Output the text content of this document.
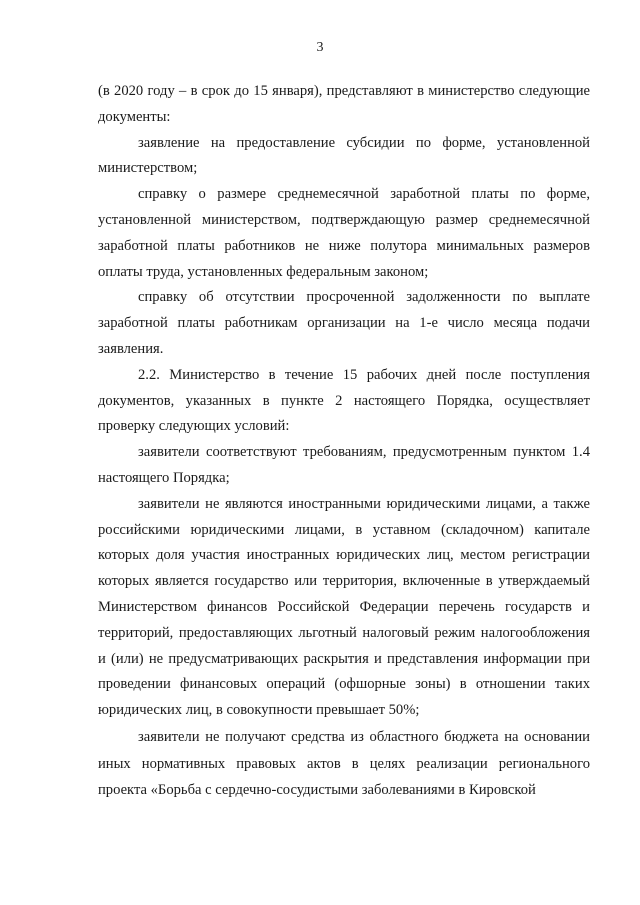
3

(в 2020 году – в срок до 15 января), представляют в министерство следующие документы:

заявление на предоставление субсидии по форме, установленной министерством;

справку о размере среднемесячной заработной платы по форме, установленной министерством, подтверждающую размер среднемесячной заработной платы работников не ниже полутора минимальных размеров оплаты труда, установленных федеральным законом;

справку об отсутствии просроченной задолженности по выплате заработной платы работникам организации на 1-е число месяца подачи заявления.

2.2. Министерство в течение 15 рабочих дней после поступления документов, указанных в пункте 2 настоящего Порядка, осуществляет проверку следующих условий:

заявители соответствуют требованиям, предусмотренным пунктом 1.4 настоящего Порядка;

заявители не являются иностранными юридическими лицами, а также российскими юридическими лицами, в уставном (складочном) капитале которых доля участия иностранных юридических лиц, местом регистрации которых является государство или территория, включенные в утверждаемый Министерством финансов Российской Федерации перечень государств и территорий, предоставляющих льготный налоговый режим налогообложения и (или) не предусматривающих раскрытия и представления информации при проведении финансовых операций (офшорные зоны) в отношении таких юридических лиц, в совокупности превышает 50%;

заявители не получают средства из областного бюджета на основании иных нормативных правовых актов в целях реализации регионального проекта «Борьба с сердечно-сосудистыми заболеваниями в Кировской
